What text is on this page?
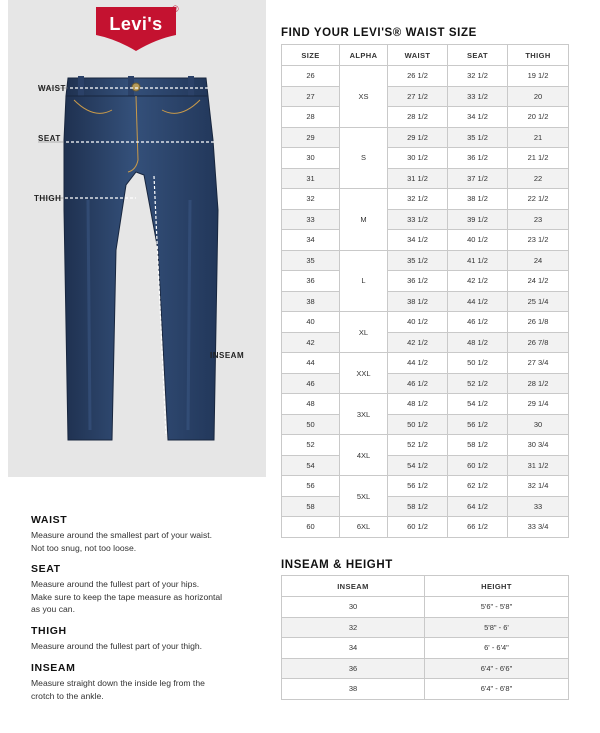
Levi's
®
WAIST
SEAT
THIGH
INSEAM
WAIST

Measure around the smallest part of your waist.

Not too snug, not too loose.

SEAT

Measure around the fullest part of your hips.

Make sure to keep the tape measure as horizontal

as you can.

THIGH

Measure around the fullest part of your thigh.

INSEAM

Measure straight down the inside leg from the

crotch to the ankle.

FIND YOUR LEVI'S® WAIST SIZE
SIZE	ALPHA	WAIST	SEAT	THIGH
26	XS	26 1/2	32 1/2	19 1/2
27		27 1/2	33 1/2	20
28		28 1/2	34 1/2	20 1/2
29	S	29 1/2	35 1/2	21
30		30 1/2	36 1/2	21 1/2
31		31 1/2	37 1/2	22
32	M	32 1/2	38 1/2	22 1/2
33		33 1/2	39 1/2	23
34		34 1/2	40 1/2	23 1/2
35	L	35 1/2	41 1/2	24
36		36 1/2	42 1/2	24 1/2
38		38 1/2	44 1/2	25 1/4
40	XL	40 1/2	46 1/2	26 1/8
42		42 1/2	48 1/2	26 7/8
44	XXL	44 1/2	50 1/2	27 3/4
46		46 1/2	52 1/2	28 1/2
48	3XL	48 1/2	54 1/2	29 1/4
50		50 1/2	56 1/2	30
52	4XL	52 1/2	58 1/2	30 3/4
54		54 1/2	60 1/2	31 1/2
56	5XL	56 1/2	62 1/2	32 1/4
58		58 1/2	64 1/2	33
60	6XL	60 1/2	66 1/2	33 3/4
INSEAM & HEIGHT
INSEAM	HEIGHT
30	5'6" - 5'8"
32	5'8" - 6'
34	6' - 6'4"
36	6'4" - 6'6"
38	6'4" - 6'8"
